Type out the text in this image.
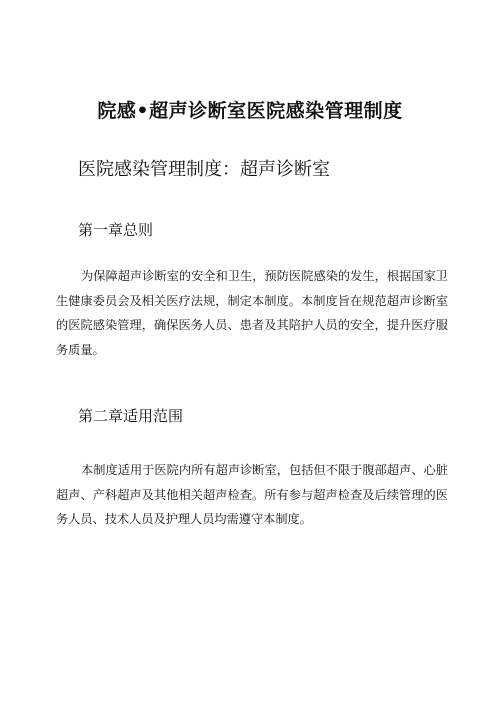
院感•超声诊断室医院感染管理制度
医院感染管理制度：超声诊断室
第一章总则

为保障超声诊断室的安全和卫生，预防医院感染的发生，根据国家卫生健康委员会及相关医疗法规，制定本制度。本制度旨在规范超声诊断室的医院感染管理，确保医务人员、患者及其陪护人员的安全，提升医疗服务质量。

第二章适用范围

本制度适用于医院内所有超声诊断室，包括但不限于腹部超声、心脏超声、产科超声及其他相关超声检查。所有参与超声检查及后续管理的医务人员、技术人员及护理人员均需遵守本制度。
